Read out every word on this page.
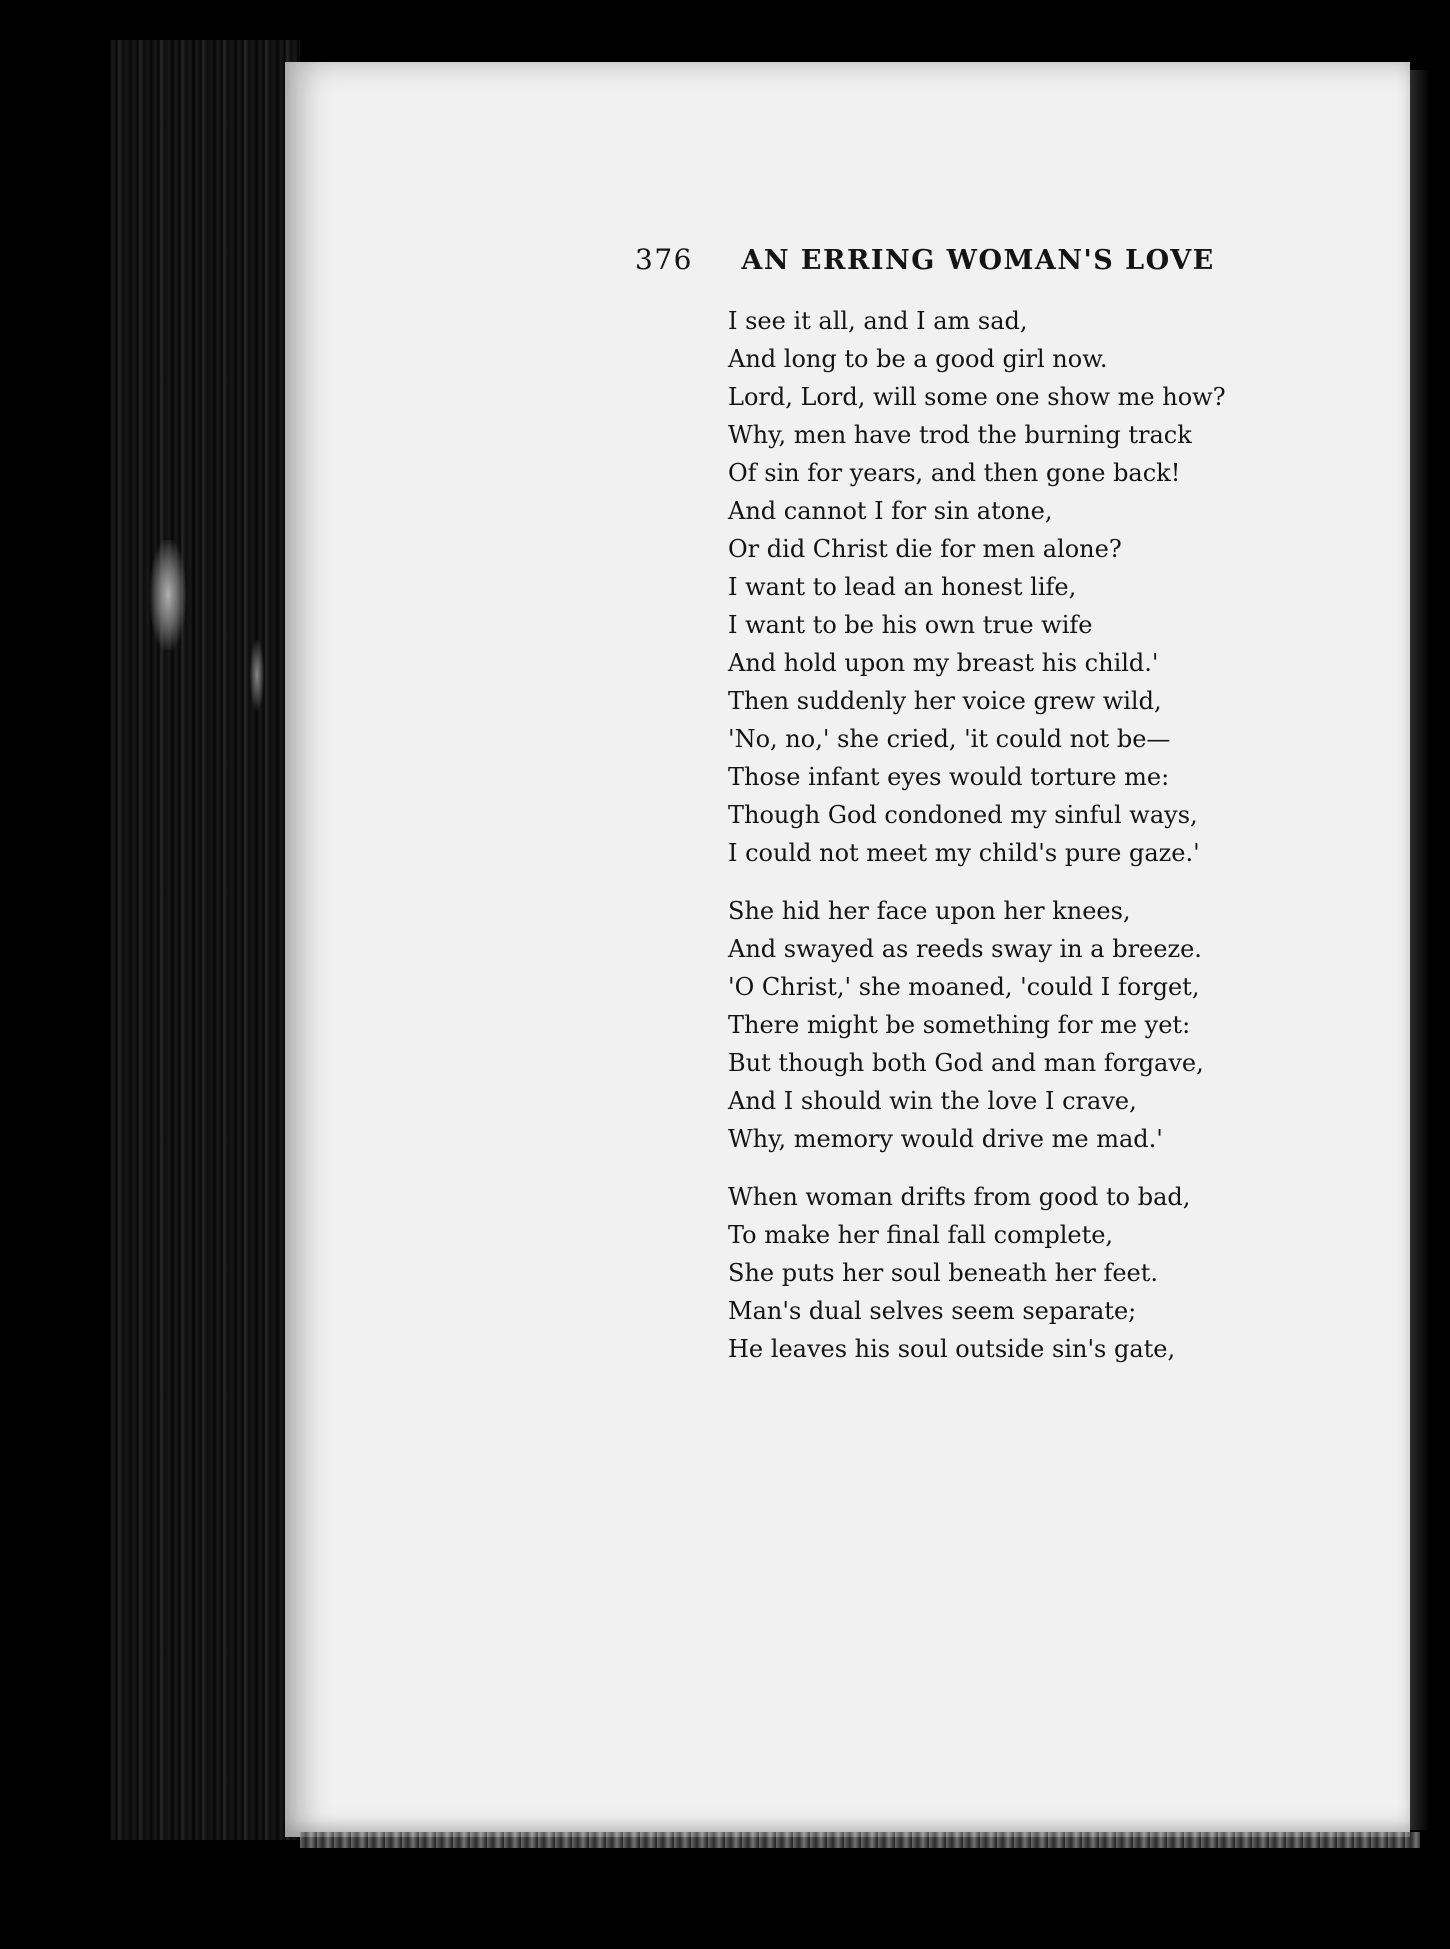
376 AN ERRING WOMAN'S LOVE
I see it all, and I am sad,
And long to be a good girl now.
Lord, Lord, will some one show me how?
Why, men have trod the burning track
Of sin for years, and then gone back!
And cannot I for sin atone,
Or did Christ die for men alone?
I want to lead an honest life,
I want to be his own true wife
And hold upon my breast his child.'
Then suddenly her voice grew wild,
'No, no,' she cried, 'it could not be—
Those infant eyes would torture me:
Though God condoned my sinful ways,
I could not meet my child's pure gaze.'
She hid her face upon her knees,
And swayed as reeds sway in a breeze.
'O Christ,' she moaned, 'could I forget,
There might be something for me yet:
But though both God and man forgave,
And I should win the love I crave,
Why, memory would drive me mad.'
When woman drifts from good to bad,
To make her final fall complete,
She puts her soul beneath her feet.
Man's dual selves seem separate;
He leaves his soul outside sin's gate,
